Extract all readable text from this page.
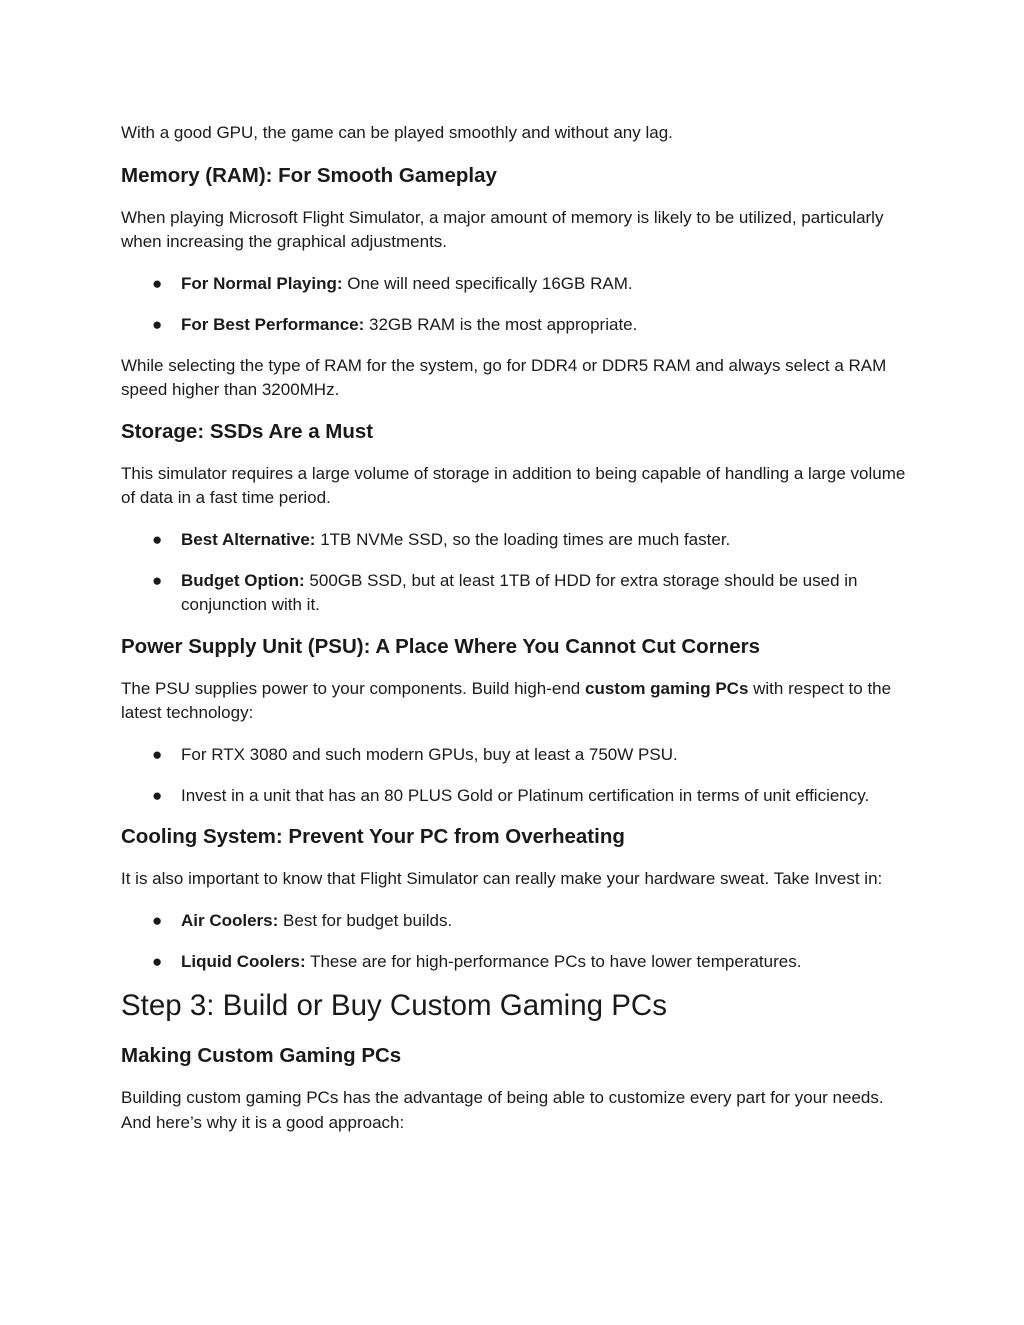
With a good GPU, the game can be played smoothly and without any lag.

Memory (RAM): For Smooth Gameplay

When playing Microsoft Flight Simulator, a major amount of memory is likely to be utilized, particularly when increasing the graphical adjustments.

● For Normal Playing: One will need specifically 16GB RAM.
● For Best Performance: 32GB RAM is the most appropriate.

While selecting the type of RAM for the system, go for DDR4 or DDR5 RAM and always select a RAM speed higher than 3200MHz.

Storage: SSDs Are a Must

This simulator requires a large volume of storage in addition to being capable of handling a large volume of data in a fast time period.

● Best Alternative: 1TB NVMe SSD, so the loading times are much faster.
● Budget Option: 500GB SSD, but at least 1TB of HDD for extra storage should be used in conjunction with it.
Power Supply Unit (PSU): A Place Where You Cannot Cut Corners

The PSU supplies power to your components. Build high-end custom gaming PCs with respect to the latest technology:

● For RTX 3080 and such modern GPUs, buy at least a 750W PSU.
● Invest in a unit that has an 80 PLUS Gold or Platinum certification in terms of unit efficiency.
Cooling System: Prevent Your PC from Overheating

It is also important to know that Flight Simulator can really make your hardware sweat. Take Invest in:

● Air Coolers: Best for budget builds.
● Liquid Coolers: These are for high-performance PCs to have lower temperatures.
Step 3: Build or Buy Custom Gaming PCs
Making Custom Gaming PCs

Building custom gaming PCs has the advantage of being able to customize every part for your needs. And here’s why it is a good approach:
